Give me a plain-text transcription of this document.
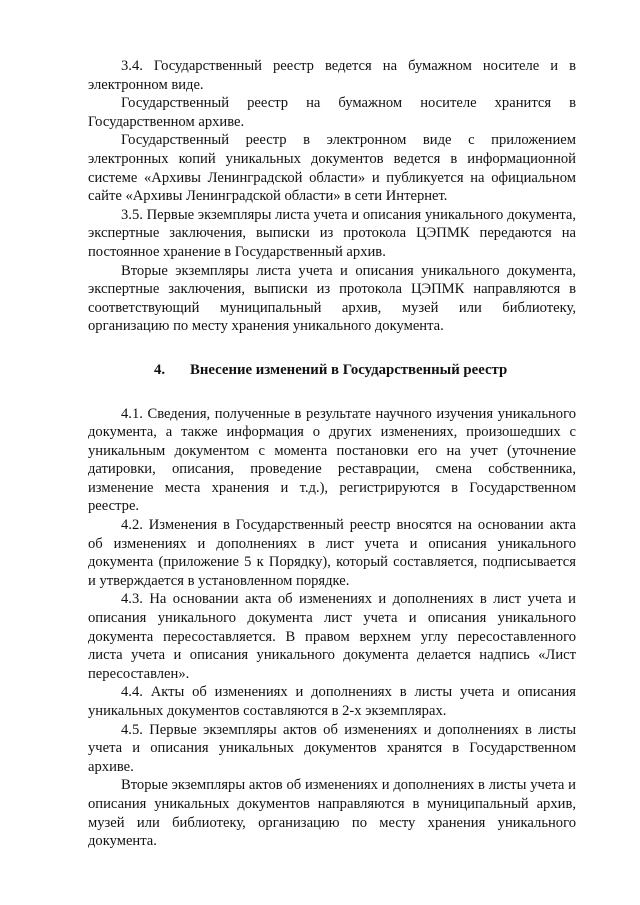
3.4. Государственный реестр ведется на бумажном носителе и в электронном виде.

Государственный реестр на бумажном носителе хранится в Государственном архиве.

Государственный реестр в электронном виде с приложением электронных копий уникальных документов ведется в информационной системе «Архивы Ленинградской области» и публикуется на официальном сайте «Архивы Ленинградской области» в сети Интернет.

3.5. Первые экземпляры листа учета и описания уникального документа, экспертные заключения, выписки из протокола ЦЭПМК передаются на постоянное хранение в Государственный архив.

Вторые экземпляры листа учета и описания уникального документа, экспертные заключения, выписки из протокола ЦЭПМК направляются в соответствующий муниципальный архив, музей или библиотеку, организацию по месту хранения уникального документа.

4. Внесение изменений в Государственный реестр

4.1. Сведения, полученные в результате научного изучения уникального документа, а также информация о других изменениях, произошедших с уникальным документом с момента постановки его на учет (уточнение датировки, описания, проведение реставрации, смена собственника, изменение места хранения и т.д.), регистрируются в Государственном реестре.

4.2. Изменения в Государственный реестр вносятся на основании акта об изменениях и дополнениях в лист учета и описания уникального документа (приложение 5 к Порядку), который составляется, подписывается и утверждается в установленном порядке.

4.3. На основании акта об изменениях и дополнениях в лист учета и описания уникального документа лист учета и описания уникального документа пересоставляется. В правом верхнем углу пересоставленного листа учета и описания уникального документа делается надпись «Лист пересоставлен».

4.4. Акты об изменениях и дополнениях в листы учета и описания уникальных документов составляются в 2-х экземплярах.

4.5. Первые экземпляры актов об изменениях и дополнениях в листы учета и описания уникальных документов хранятся в Государственном архиве.

Вторые экземпляры актов об изменениях и дополнениях в листы учета и описания уникальных документов направляются в муниципальный архив, музей или библиотеку, организацию по месту хранения уникального документа.
